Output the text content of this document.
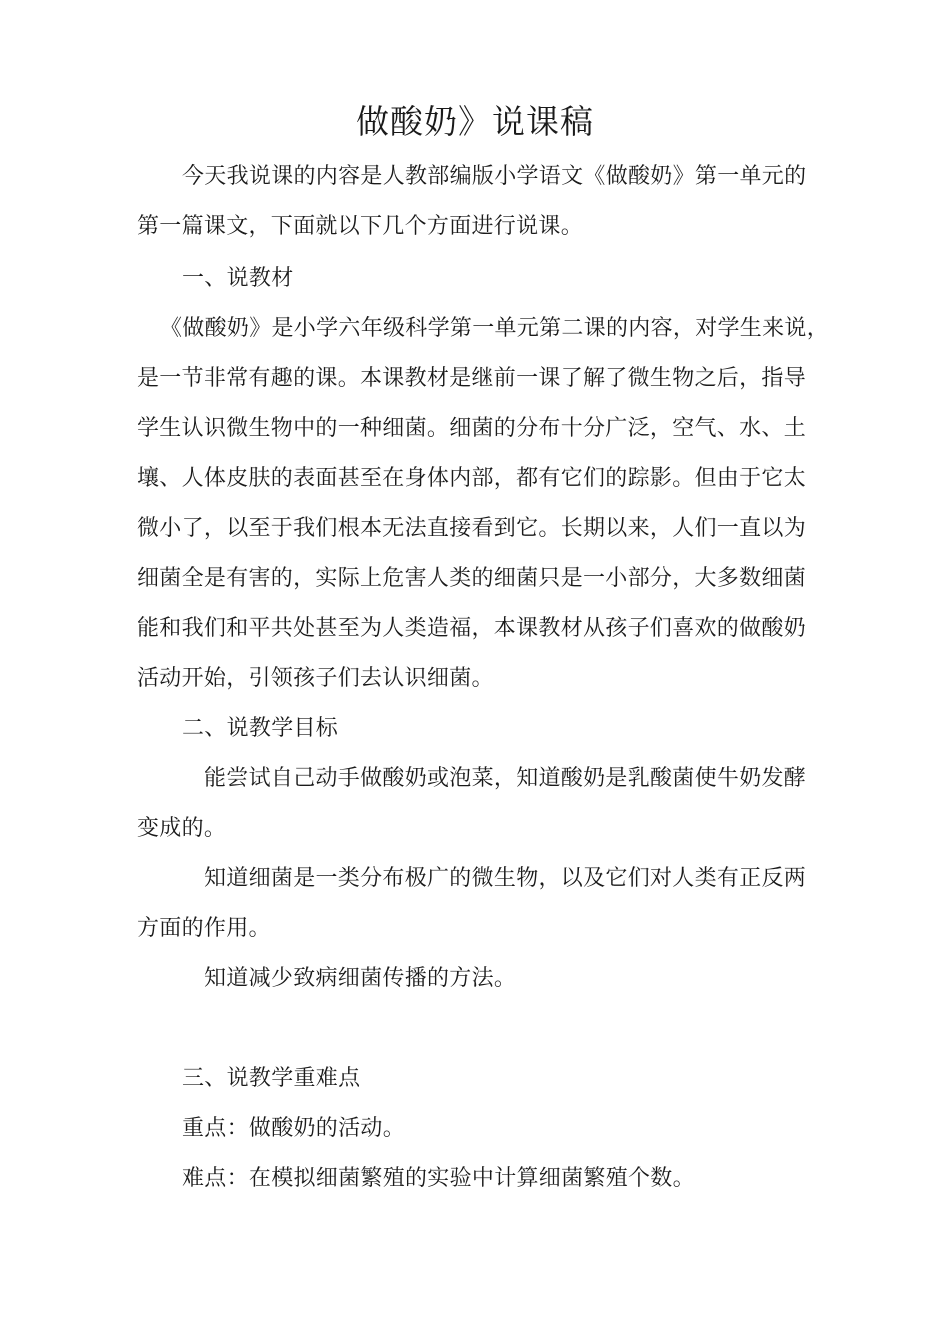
做酸奶》说课稿
今天我说课的内容是人教部编版小学语文《做酸奶》第一单元的
第一篇课文，下面就以下几个方面进行说课。
一、说教材
《做酸奶》是小学六年级科学第一单元第二课的内容，对学生来说，
是一节非常有趣的课。本课教材是继前一课了解了微生物之后，指导
学生认识微生物中的一种细菌。细菌的分布十分广泛，空气、水、土
壤、人体皮肤的表面甚至在身体内部，都有它们的踪影。但由于它太
微小了，以至于我们根本无法直接看到它。长期以来，人们一直以为
细菌全是有害的，实际上危害人类的细菌只是一小部分，大多数细菌
能和我们和平共处甚至为人类造福，本课教材从孩子们喜欢的做酸奶
活动开始，引领孩子们去认识细菌。
二、说教学目标
能尝试自己动手做酸奶或泡菜，知道酸奶是乳酸菌使牛奶发酵
变成的。
知道细菌是一类分布极广的微生物，以及它们对人类有正反两
方面的作用。
知道减少致病细菌传播的方法。
三、说教学重难点
重点：做酸奶的活动。
难点：在模拟细菌繁殖的实验中计算细菌繁殖个数。
